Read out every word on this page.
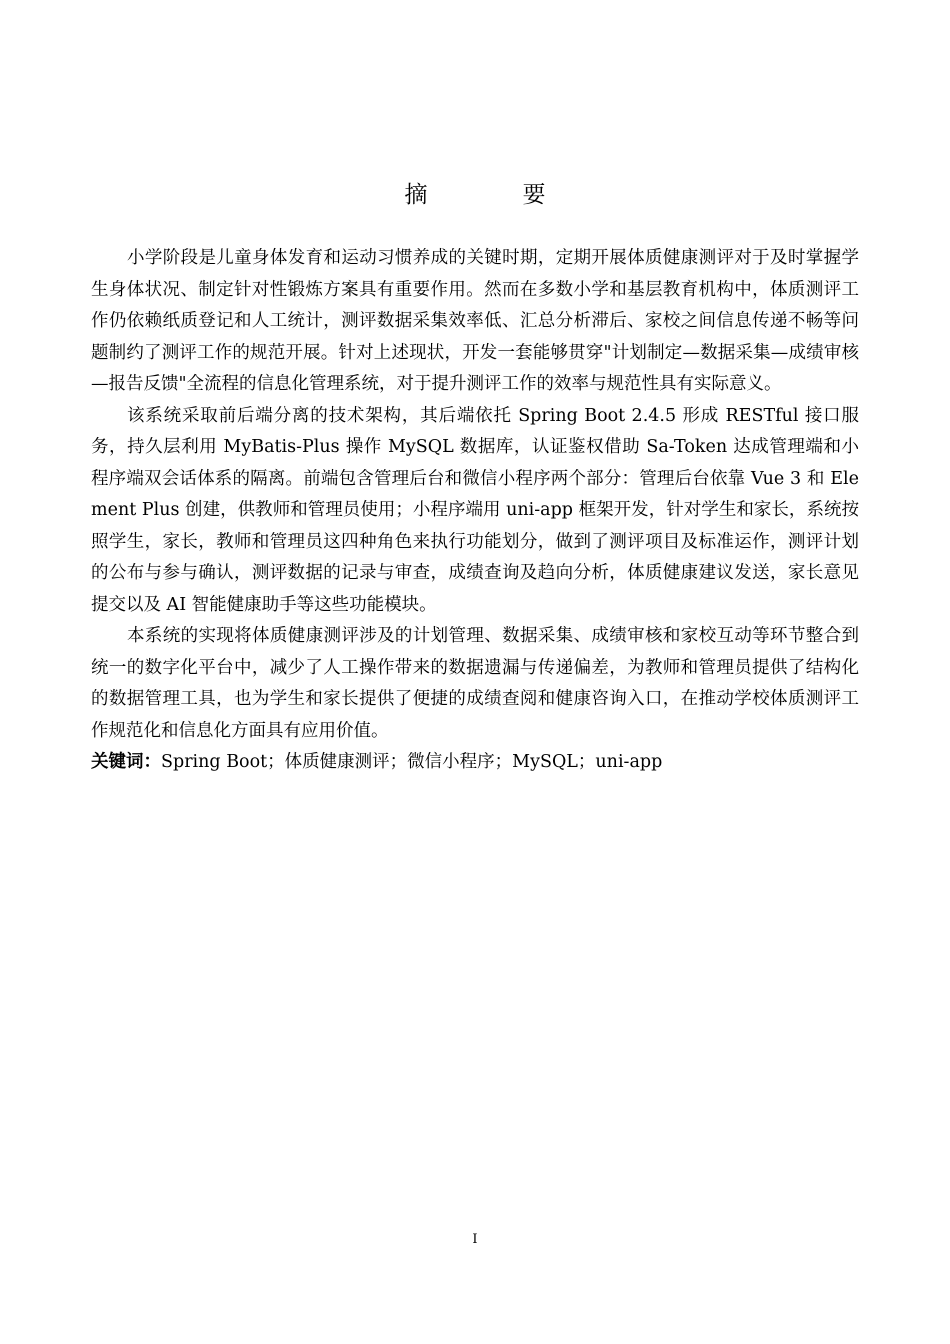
摘　要

小学阶段是儿童身体发育和运动习惯养成的关键时期，定期开展体质健康测评对于及时掌握学生身体状况、制定针对性锻炼方案具有重要作用。然而在多数小学和基层教育机构中，体质测评工作仍依赖纸质登记和人工统计，测评数据采集效率低、汇总分析滞后、家校之间信息传递不畅等问题制约了测评工作的规范开展。针对上述现状，开发一套能够贯穿"计划制定—数据采集—成绩审核—报告反馈"全流程的信息化管理系统，对于提升测评工作的效率与规范性具有实际意义。

该系统采取前后端分离的技术架构，其后端依托 Spring Boot 2.4.5 形成 RESTful 接口服务，持久层利用 MyBatis-Plus 操作 MySQL 数据库，认证鉴权借助 Sa-Token 达成管理端和小程序端双会话体系的隔离。前端包含管理后台和微信小程序两个部分：管理后台依靠 Vue 3 和 Element Plus 创建，供教师和管理员使用；小程序端用 uni-app 框架开发，针对学生和家长，系统按照学生，家长，教师和管理员这四种角色来执行功能划分，做到了测评项目及标准运作，测评计划的公布与参与确认，测评数据的记录与审查，成绩查询及趋向分析，体质健康建议发送，家长意见提交以及 AI 智能健康助手等这些功能模块。

本系统的实现将体质健康测评涉及的计划管理、数据采集、成绩审核和家校互动等环节整合到统一的数字化平台中，减少了人工操作带来的数据遗漏与传递偏差，为教师和管理员提供了结构化的数据管理工具，也为学生和家长提供了便捷的成绩查阅和健康咨询入口，在推动学校体质测评工作规范化和信息化方面具有应用价值。

关键词：Spring Boot；体质健康测评；微信小程序；MySQL；uni-app

I
